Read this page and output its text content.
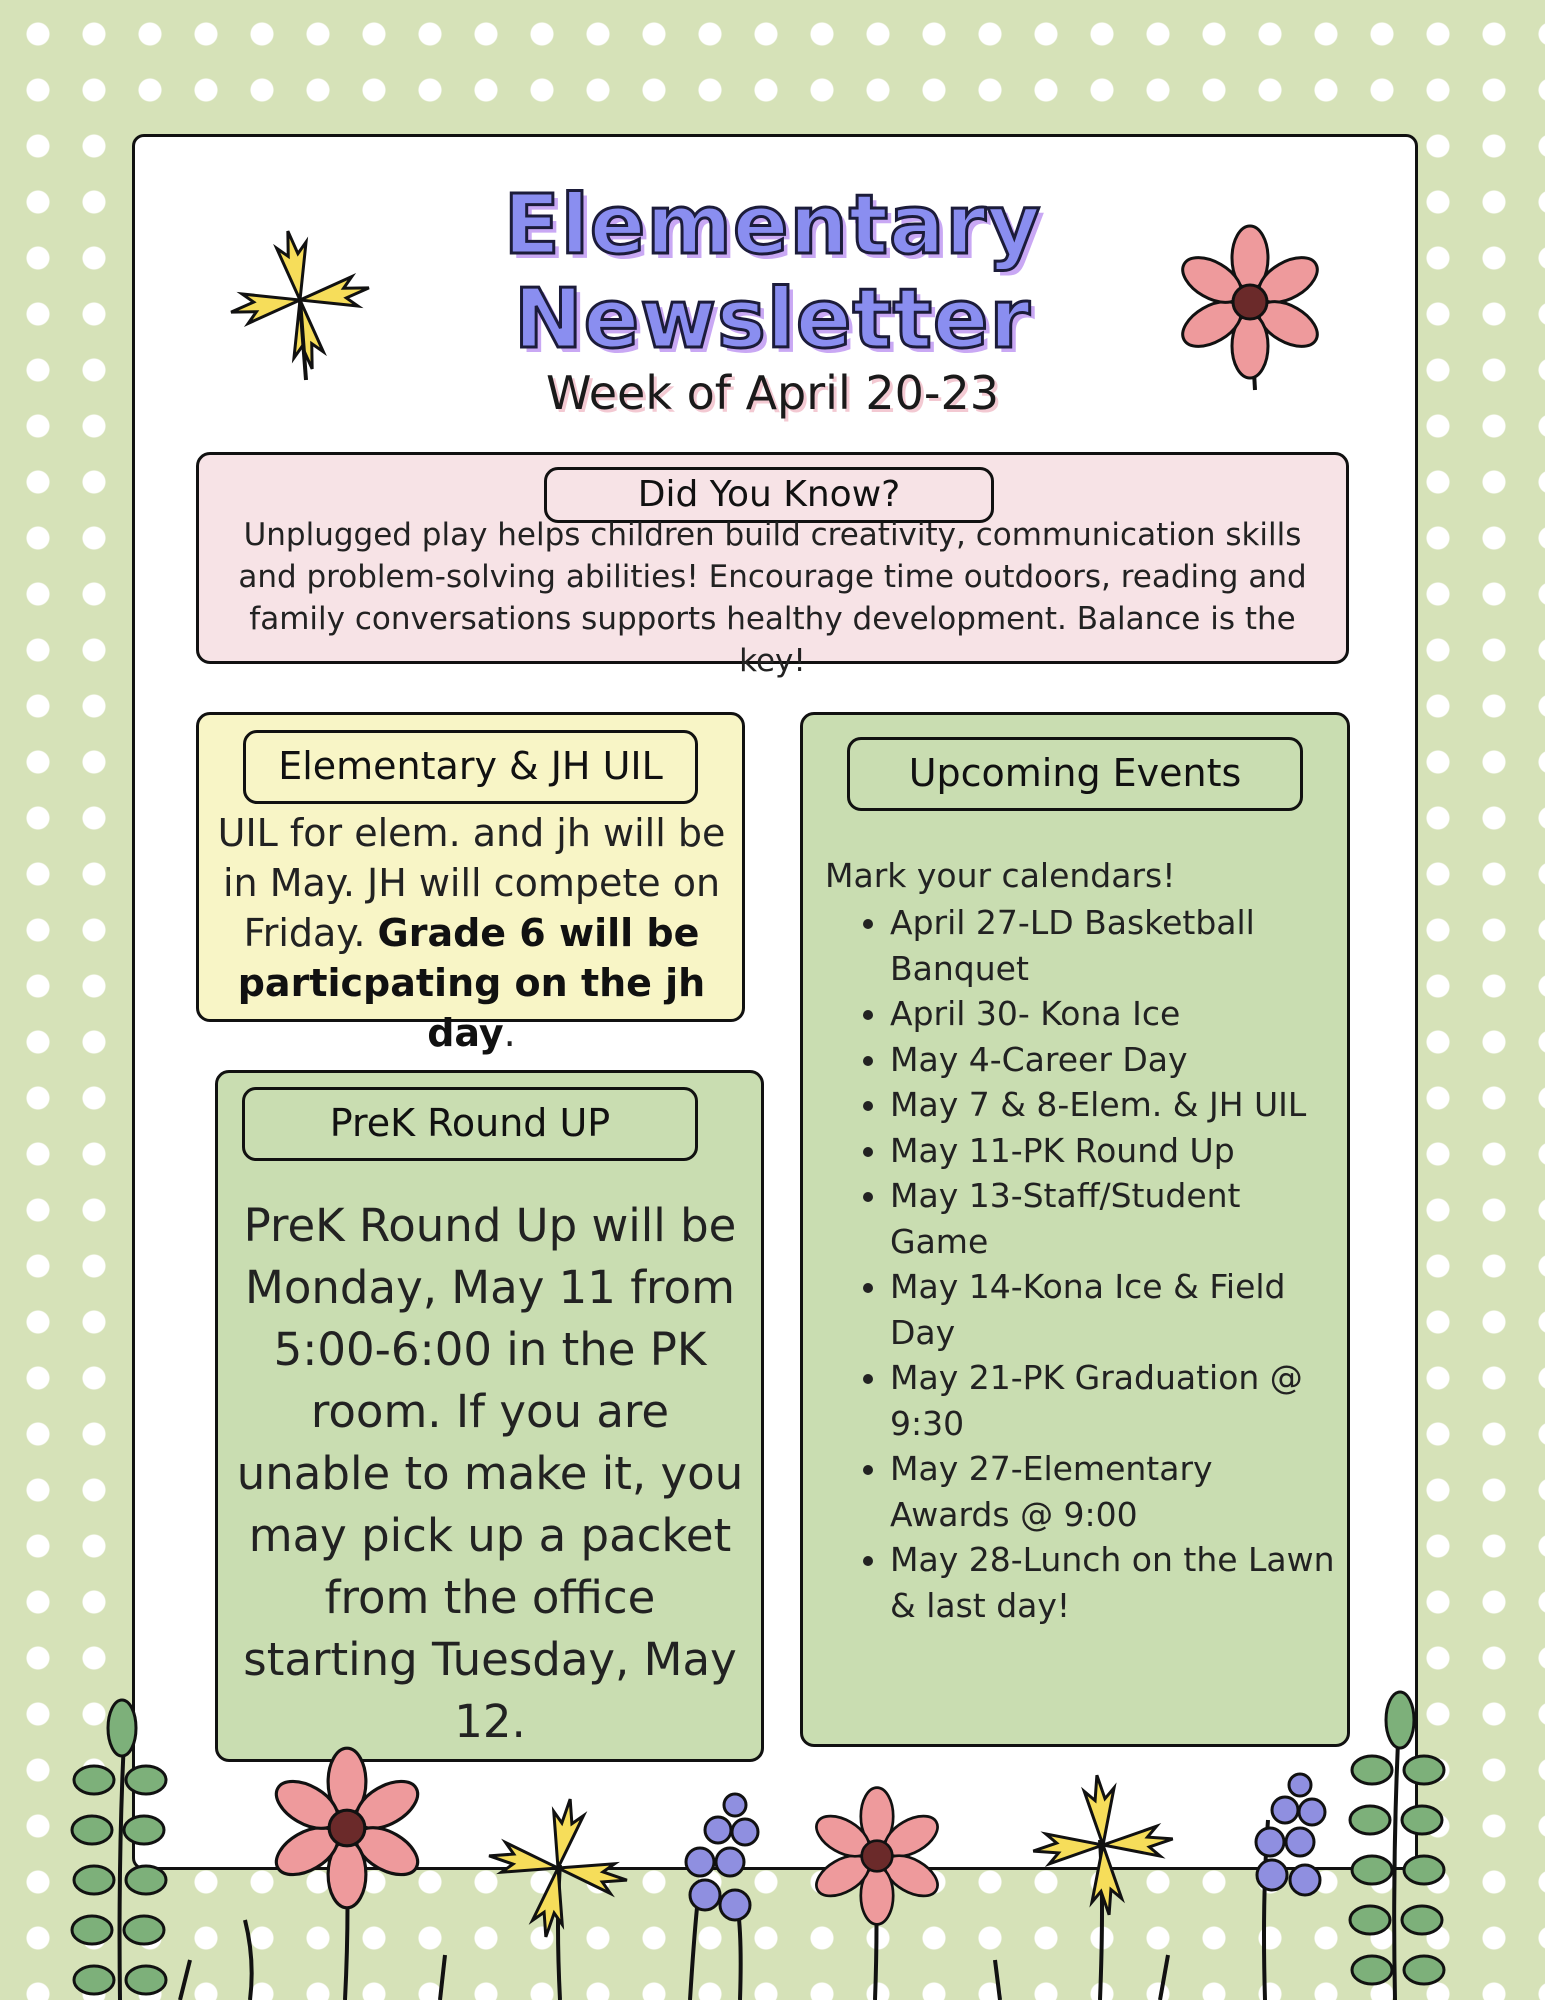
Elementary
Newsletter
Week of April 20-23
Did You Know?
Unplugged play helps children build creativity, communication skills and problem-solving abilities! Encourage time outdoors, reading and family conversations supports healthy development. Balance is the key!
Elementary & JH UIL
UIL for elem. and jh will be in May. JH will compete on Friday. Grade 6 will be particpating on the jh day.
PreK Round UP
PreK Round Up will be Monday, May 11 from 5:00-6:00 in the PK room. If you are unable to make it, you may pick up a packet from the office starting Tuesday, May 12.
Upcoming Events
Mark your calendars!
• April 27-LD Basketball Banquet
• April 30- Kona Ice
• May 4-Career Day
• May 7 & 8-Elem. & JH UIL
• May 11-PK Round Up
• May 13-Staff/Student Game
• May 14-Kona Ice & Field Day
• May 21-PK Graduation @ 9:30
• May 27-Elementary Awards @ 9:00
• May 28-Lunch on the Lawn & last day!
